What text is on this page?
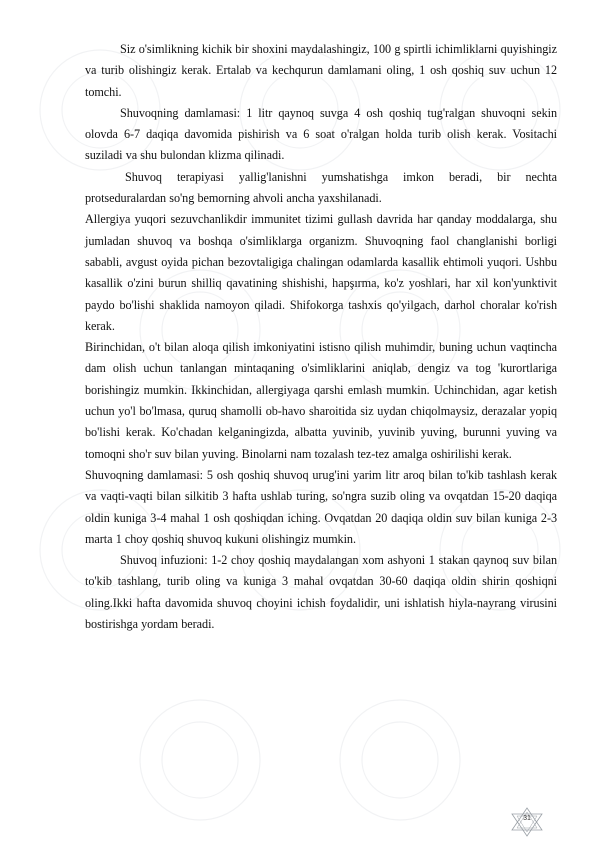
Siz o'simlikning kichik bir shoxini maydalashingiz, 100 g spirtli ichimliklarni quyishingiz va turib olishingiz kerak. Ertalab va kechqurun damlamani oling, 1 osh qoshiq suv uchun 12 tomchi.

Shuvoqning damlamasi: 1 litr qaynoq suvga 4 osh qoshiq tug'ralgan shuvoqni sekin olovda 6-7 daqiqa davomida pishirish va 6 soat o'ralgan holda turib olish kerak. Vositachi suziladi va shu bulondan klizma qilinadi.

Shuvoq terapiyasi yallig'lanishni yumshatishga imkon beradi, bir nechta protseduralardan so'ng bemorning ahvoli ancha yaxshilanadi.

Allergiya yuqori sezuvchanlikdir immunitet tizimi gullash davrida har qanday moddalarga, shu jumladan shuvoq va boshqa o'simliklarga organizm. Shuvoqning faol changlanishi borligi sababli, avgust oyida pichan bezovtaligiga chalingan odamlarda kasallik ehtimoli yuqori. Ushbu kasallik o'zini burun shilliq qavatining shishishi, hapşırma, ko'z yoshlari, har xil kon'yunktivit paydo bo'lishi shaklida namoyon qiladi. Shifokorga tashxis qo'yilgach, darhol choralar ko'rish kerak.

Birinchidan, o't bilan aloqa qilish imkoniyatini istisno qilish muhimdir, buning uchun vaqtincha dam olish uchun tanlangan mintaqaning o'simliklarini aniqlab, dengiz va tog 'kurortlariga borishingiz mumkin. Ikkinchidan, allergiyaga qarshi emlash mumkin. Uchinchidan, agar ketish uchun yo'l bo'lmasa, quruq shamolli ob-havo sharoitida siz uydan chiqolmaysiz, derazalar yopiq bo'lishi kerak. Ko'chadan kelganingizda, albatta yuvinib, yuvinib yuving, burunni yuving va tomoqni sho'r suv bilan yuving. Binolarni nam tozalash tez-tez amalga oshirilishi kerak.

Shuvoqning damlamasi: 5 osh qoshiq shuvoq urug'ini yarim litr aroq bilan to'kib tashlash kerak va vaqti-vaqti bilan silkitib 3 hafta ushlab turing, so'ngra suzib oling va ovqatdan 15-20 daqiqa oldin kuniga 3-4 mahal 1 osh qoshiqdan iching. Ovqatdan 20 daqiqa oldin suv bilan kuniga 2-3 marta 1 choy qoshiq shuvoq kukuni olishingiz mumkin.

Shuvoq infuzioni: 1-2 choy qoshiq maydalangan xom ashyoni 1 stakan qaynoq suv bilan to'kib tashlang, turib oling va kuniga 3 mahal ovqatdan 30-60 daqiqa oldin shirin qoshiqni oling.Ikki hafta davomida shuvoq choyini ichish foydalidir, uni ishlatish hiyla-nayrang virusini bostirishga yordam beradi.

31
